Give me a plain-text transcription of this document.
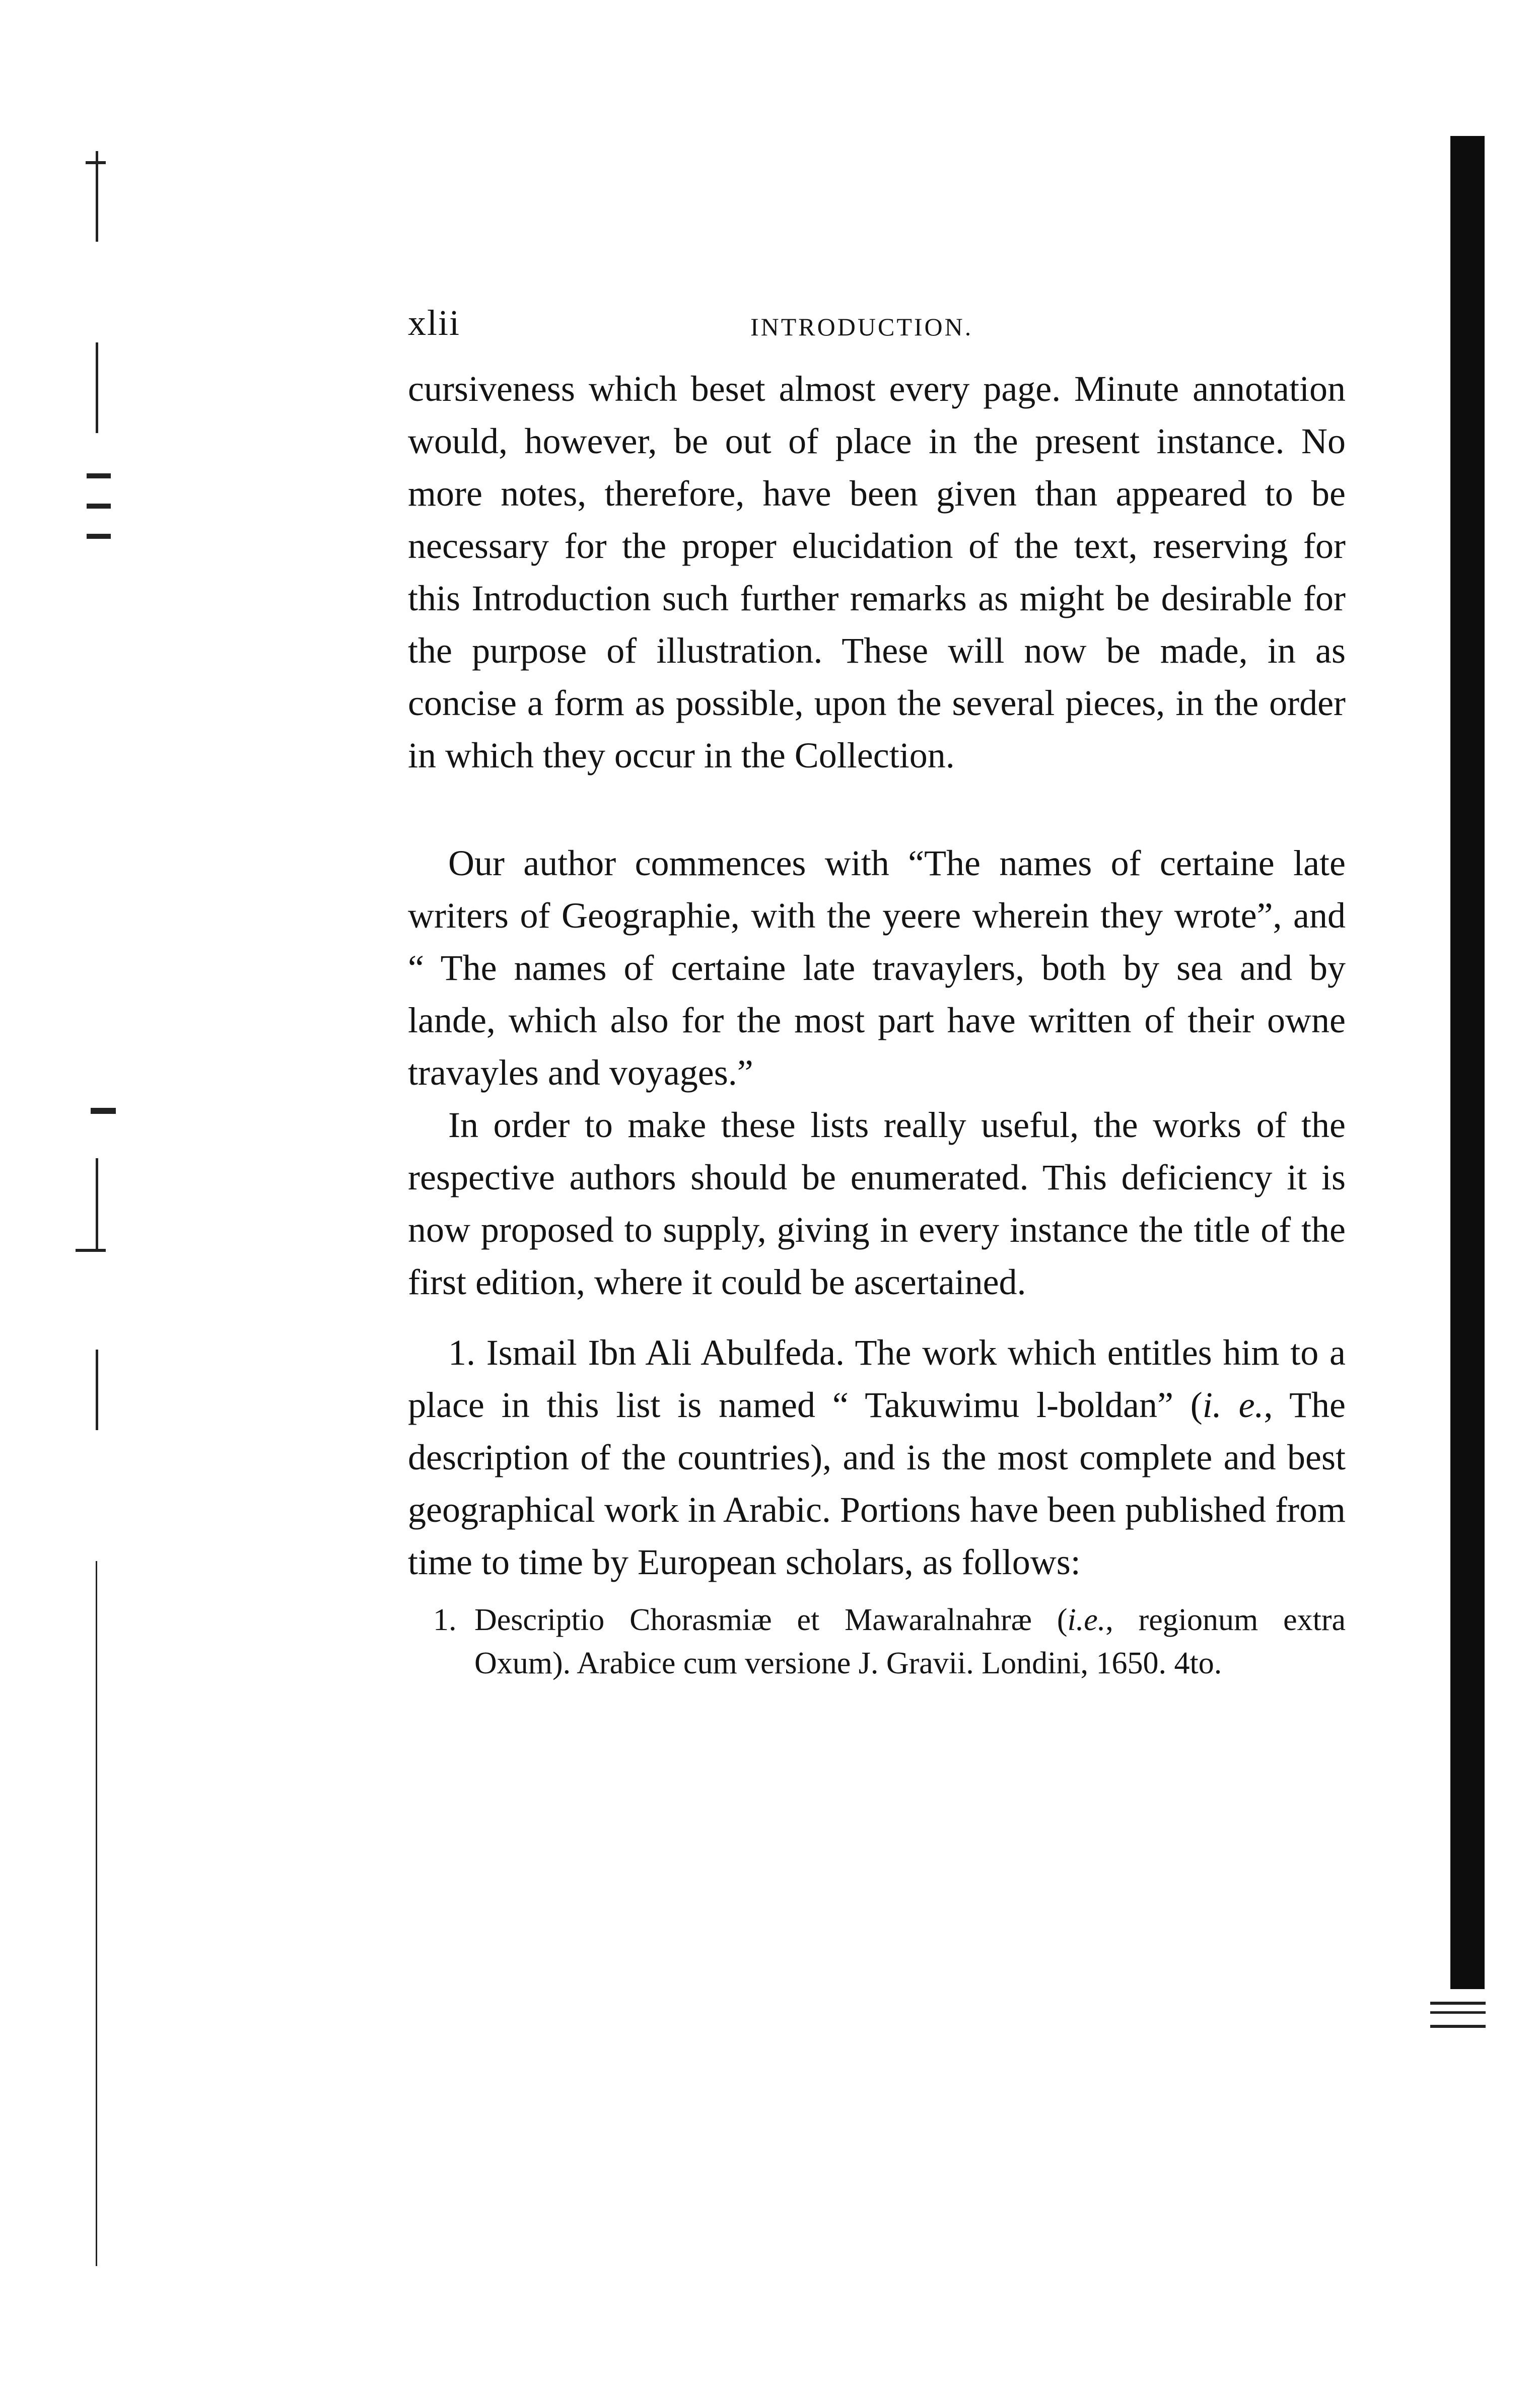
xlii	INTRODUCTION.

cursiveness which beset almost every page. Minute annotation would, however, be out of place in the present instance. No more notes, therefore, have been given than appeared to be necessary for the proper elucidation of the text, reserving for this Introduction such further remarks as might be desirable for the purpose of illustration. These will now be made, in as concise a form as possible, upon the several pieces, in the order in which they occur in the Collection.

Our author commences with “The names of certaine late writers of Geographie, with the yeere wherein they wrote”, and “ The names of certaine late travaylers, both by sea and by lande, which also for the most part have written of their owne travayles and voyages.”

In order to make these lists really useful, the works of the respective authors should be enumerated. This deficiency it is now proposed to supply, giving in every instance the title of the first edition, where it could be ascertained.

1. Ismail Ibn Ali Abulfeda. The work which entitles him to a place in this list is named “ Takuwimu l-boldan” (i. e., The description of the countries), and is the most complete and best geographical work in Arabic. Portions have been published from time to time by European scholars, as follows:

1. Descriptio Chorasmiæ et Mawaralnahræ (i.e., regionum extra Oxum). Arabice cum versione J. Gravii. Londini, 1650. 4to.
